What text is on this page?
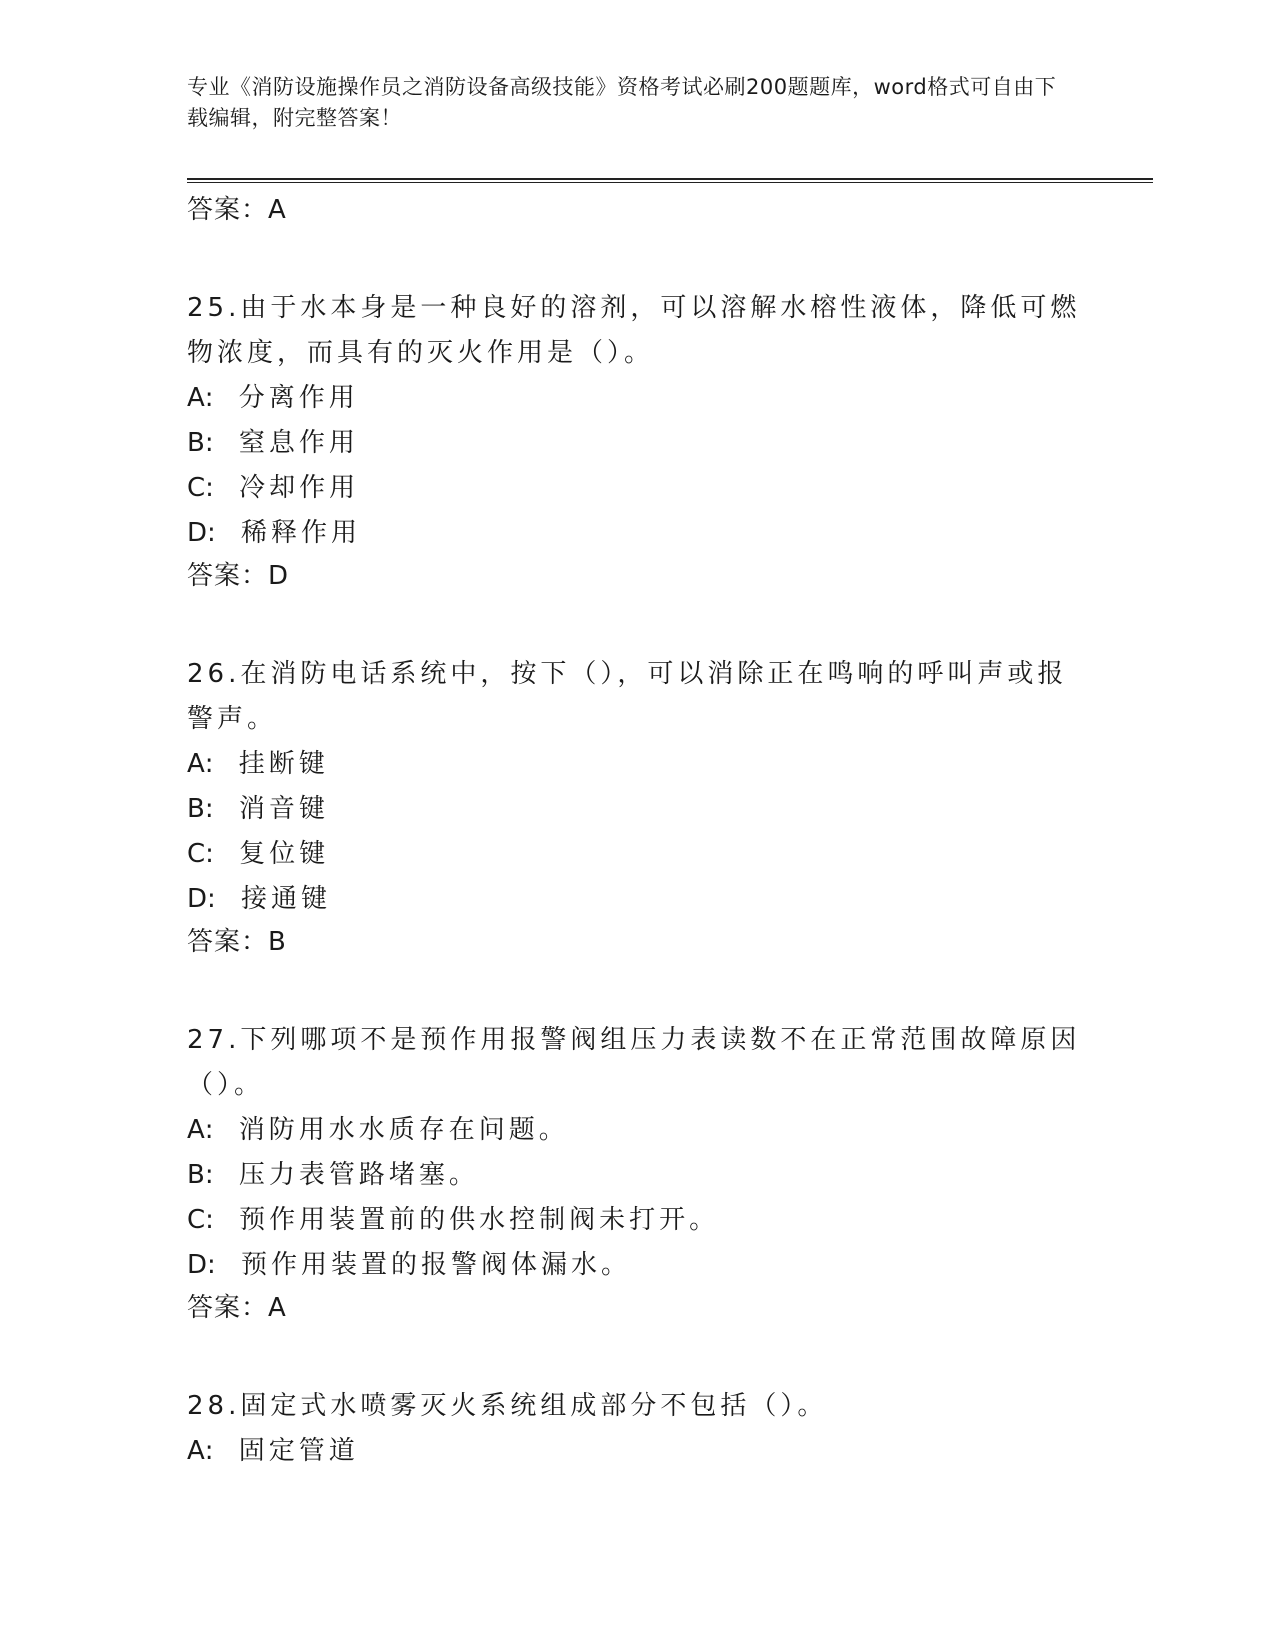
专业《消防设施操作员之消防设备高级技能》资格考试必刷200题题库，word格式可自由下载编辑，附完整答案！

答案：A

25.由于水本身是一种良好的溶剂，可以溶解水榕性液体，降低可燃物浓度，而具有的灭火作用是（）。

A: 分离作用

B: 窒息作用

C: 冷却作用

D: 稀释作用

答案：D

26.在消防电话系统中，按下（），可以消除正在鸣响的呼叫声或报警声。

A: 挂断键

B: 消音键

C: 复位键

D: 接通键

答案：B

27.下列哪项不是预作用报警阀组压力表读数不在正常范围故障原因（）。

A: 消防用水水质存在问题。

B: 压力表管路堵塞。

C: 预作用装置前的供水控制阀未打开。

D: 预作用装置的报警阀体漏水。

答案：A

28.固定式水喷雾灭火系统组成部分不包括（）。

A: 固定管道
